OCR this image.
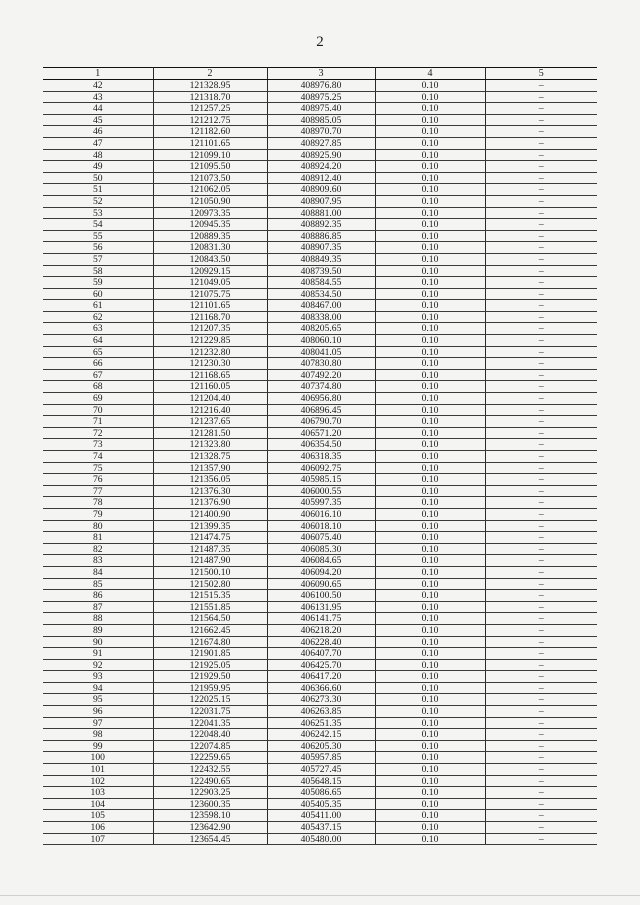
2
1	2	3	4	5
42	121328.95	408976.80	0.10	–
43	121318.70	408975.25	0.10	–
44	121257.25	408975.40	0.10	–
45	121212.75	408985.05	0.10	–
46	121182.60	408970.70	0.10	–
47	121101.65	408927.85	0.10	–
48	121099.10	408925.90	0.10	–
49	121095.50	408924.20	0.10	–
50	121073.50	408912.40	0.10	–
51	121062.05	408909.60	0.10	–
52	121050.90	408907.95	0.10	–
53	120973.35	408881.00	0.10	–
54	120945.35	408892.35	0.10	–
55	120889.35	408886.85	0.10	–
56	120831.30	408907.35	0.10	–
57	120843.50	408849.35	0.10	–
58	120929.15	408739.50	0.10	–
59	121049.05	408584.55	0.10	–
60	121075.75	408534.50	0.10	–
61	121101.65	408467.00	0.10	–
62	121168.70	408338.00	0.10	–
63	121207.35	408205.65	0.10	–
64	121229.85	408060.10	0.10	–
65	121232.80	408041.05	0.10	–
66	121230.30	407830.80	0.10	–
67	121168.65	407492.20	0.10	–
68	121160.05	407374.80	0.10	–
69	121204.40	406956.80	0.10	–
70	121216.40	406896.45	0.10	–
71	121237.65	406790.70	0.10	–
72	121281.50	406571.20	0.10	–
73	121323.80	406354.50	0.10	–
74	121328.75	406318.35	0.10	–
75	121357.90	406092.75	0.10	–
76	121356.05	405985.15	0.10	–
77	121376.30	406000.55	0.10	–
78	121376.90	405997.35	0.10	–
79	121400.90	406016.10	0.10	–
80	121399.35	406018.10	0.10	–
81	121474.75	406075.40	0.10	–
82	121487.35	406085.30	0.10	–
83	121487.90	406084.65	0.10	–
84	121500.10	406094.20	0.10	–
85	121502.80	406090.65	0.10	–
86	121515.35	406100.50	0.10	–
87	121551.85	406131.95	0.10	–
88	121564.50	406141.75	0.10	–
89	121662.45	406218.20	0.10	–
90	121674.80	406228.40	0.10	–
91	121901.85	406407.70	0.10	–
92	121925.05	406425.70	0.10	–
93	121929.50	406417.20	0.10	–
94	121959.95	406366.60	0.10	–
95	122025.15	406273.30	0.10	–
96	122031.75	406263.85	0.10	–
97	122041.35	406251.35	0.10	–
98	122048.40	406242.15	0.10	–
99	122074.85	406205.30	0.10	–
100	122259.65	405957.85	0.10	–
101	122432.55	405727.45	0.10	–
102	122490.65	405648.15	0.10	–
103	122903.25	405086.65	0.10	–
104	123600.35	405405.35	0.10	–
105	123598.10	405411.00	0.10	–
106	123642.90	405437.15	0.10	–
107	123654.45	405480.00	0.10	–
